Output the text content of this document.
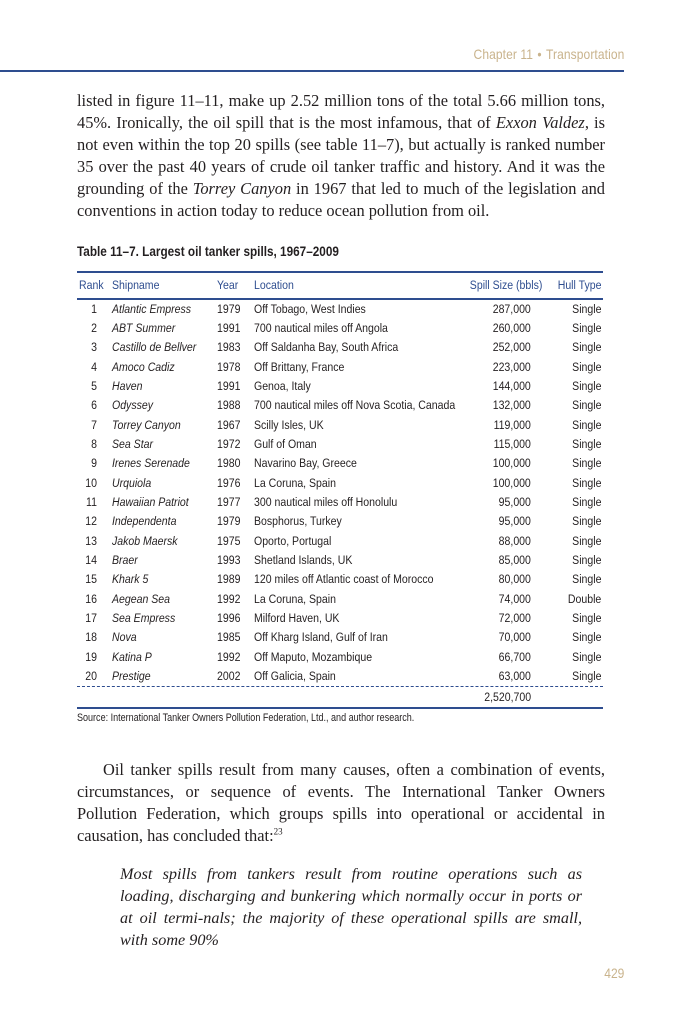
Chapter 11 • Transportation

listed in figure 11–11, make up 2.52 million tons of the total 5.66 million tons, 45%. Ironically, the oil spill that is the most infamous, that of Exxon Valdez, is not even within the top 20 spills (see table 11–7), but actually is ranked number 35 over the past 40 years of crude oil tanker traffic and history. And it was the grounding of the Torrey Canyon in 1967 that led to much of the legislation and conventions in action today to reduce ocean pollution from oil.

Table 11–7. Largest oil tanker spills, 1967–2009
Rank Shipname	Year Location	Spill Size (bbls) Hull Type
1 Atlantic Empress 1979 Off Tobago, West Indies	287,000	Single
2 ABT Summer	1991 700 nautical miles off Angola	260,000	Single
3 Castillo de Bellver 1983 Off Saldanha Bay, South Africa	252,000	Single
4 Amoco Cadiz	1978 Off Brittany, France	223,000	Single
5 Haven	1991 Genoa, Italy	144,000	Single
6 Odyssey	1988 700 nautical miles off Nova Scotia, Canada	132,000	Single
7 Torrey Canyon	1967 Scilly Isles, UK	119,000	Single
8 Sea Star	1972 Gulf of Oman	115,000	Single
9 Irenes Serenade 1980 Navarino Bay, Greece	100,000	Single
10 Urquiola	1976 La Coruna, Spain	100,000	Single
11 Hawaiian Patriot 1977 300 nautical miles off Honolulu	95,000	Single
12 Independenta	1979 Bosphorus, Turkey	95,000	Single
13 Jakob Maersk	1975 Oporto, Portugal	88,000	Single
14 Braer	1993 Shetland Islands, UK	85,000	Single
15 Khark 5	1989 120 miles off Atlantic coast of Morocco	80,000	Single
16 Aegean Sea	1992 La Coruna, Spain	74,000	Double
17 Sea Empress	1996 Milford Haven, UK	72,000	Single
18 Nova	1985 Off Kharg Island, Gulf of Iran	70,000	Single
19 Katina P	1992 Off Maputo, Mozambique	66,700	Single
20 Prestige	2002 Off Galicia, Spain	63,000	Single
2,520,700
Source: International Tanker Owners Pollution Federation, Ltd., and author research.

Oil tanker spills result from many causes, often a combination of events, circumstances, or sequence of events. The International Tanker Owners Pollution Federation, which groups spills into operational or accidental in causation, has concluded that:$^{23}$

Most spills from tankers result from routine operations such as loading, discharging and bunkering which normally occur in ports or at oil termi-nals; the majority of these operational spills are small, with some 90%
429
